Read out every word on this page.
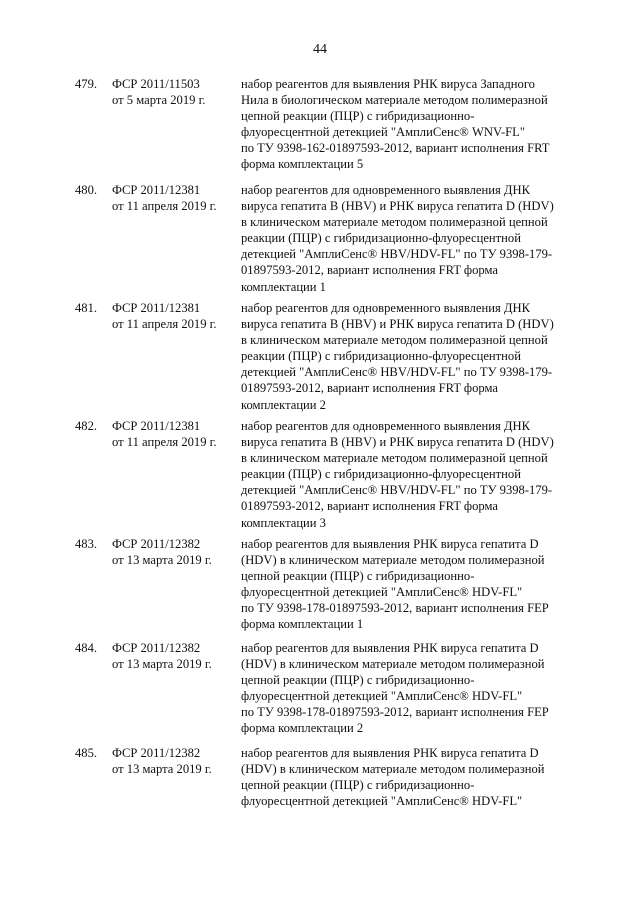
44
479. ФСР 2011/11503
от 5 марта 2019 г.
набор реагентов для выявления РНК вируса Западного
Нила в биологическом материале методом полимеразной
цепной реакции (ПЦР) с гибридизационно-
флуоресцентной детекцией "АмплиСенс® WNV-FL"
по ТУ 9398-162-01897593-2012, вариант исполнения FRT
форма комплектации 5
480. ФСР 2011/12381
от 11 апреля 2019 г.
набор реагентов для одновременного выявления ДНК
вируса гепатита В (HBV) и РНК вируса гепатита D (HDV)
в клиническом материале методом полимеразной цепной
реакции (ПЦР) с гибридизационно-флуоресцентной
детекцией "АмплиСенс® HBV/HDV-FL" по ТУ 9398-179-
01897593-2012, вариант исполнения FRT форма
комплектации 1
481. ФСР 2011/12381
от 11 апреля 2019 г.
набор реагентов для одновременного выявления ДНК
вируса гепатита В (HBV) и РНК вируса гепатита D (HDV)
в клиническом материале методом полимеразной цепной
реакции (ПЦР) с гибридизационно-флуоресцентной
детекцией "АмплиСенс® HBV/HDV-FL" по ТУ 9398-179-
01897593-2012, вариант исполнения FRT форма
комплектации 2
482. ФСР 2011/12381
от 11 апреля 2019 г.
набор реагентов для одновременного выявления ДНК
вируса гепатита В (HBV) и РНК вируса гепатита D (HDV)
в клиническом материале методом полимеразной цепной
реакции (ПЦР) с гибридизационно-флуоресцентной
детекцией "АмплиСенс® HBV/HDV-FL" по ТУ 9398-179-
01897593-2012, вариант исполнения FRT форма
комплектации 3
483. ФСР 2011/12382
от 13 марта 2019 г.
набор реагентов для выявления РНК вируса гепатита D
(HDV) в клиническом материале методом полимеразной
цепной реакции (ПЦР) с гибридизационно-
флуоресцентной детекцией "АмплиСенс® HDV-FL"
по ТУ 9398-178-01897593-2012, вариант исполнения FEP
форма комплектации 1
484. ФСР 2011/12382
от 13 марта 2019 г.
набор реагентов для выявления РНК вируса гепатита D
(HDV) в клиническом материале методом полимеразной
цепной реакции (ПЦР) с гибридизационно-
флуоресцентной детекцией "АмплиСенс® HDV-FL"
по ТУ 9398-178-01897593-2012, вариант исполнения FEP
форма комплектации 2
485. ФСР 2011/12382
от 13 марта 2019 г.
набор реагентов для выявления РНК вируса гепатита D
(HDV) в клиническом материале методом полимеразной
цепной реакции (ПЦР) с гибридизационно-
флуоресцентной детекцией "АмплиСенс® HDV-FL"
